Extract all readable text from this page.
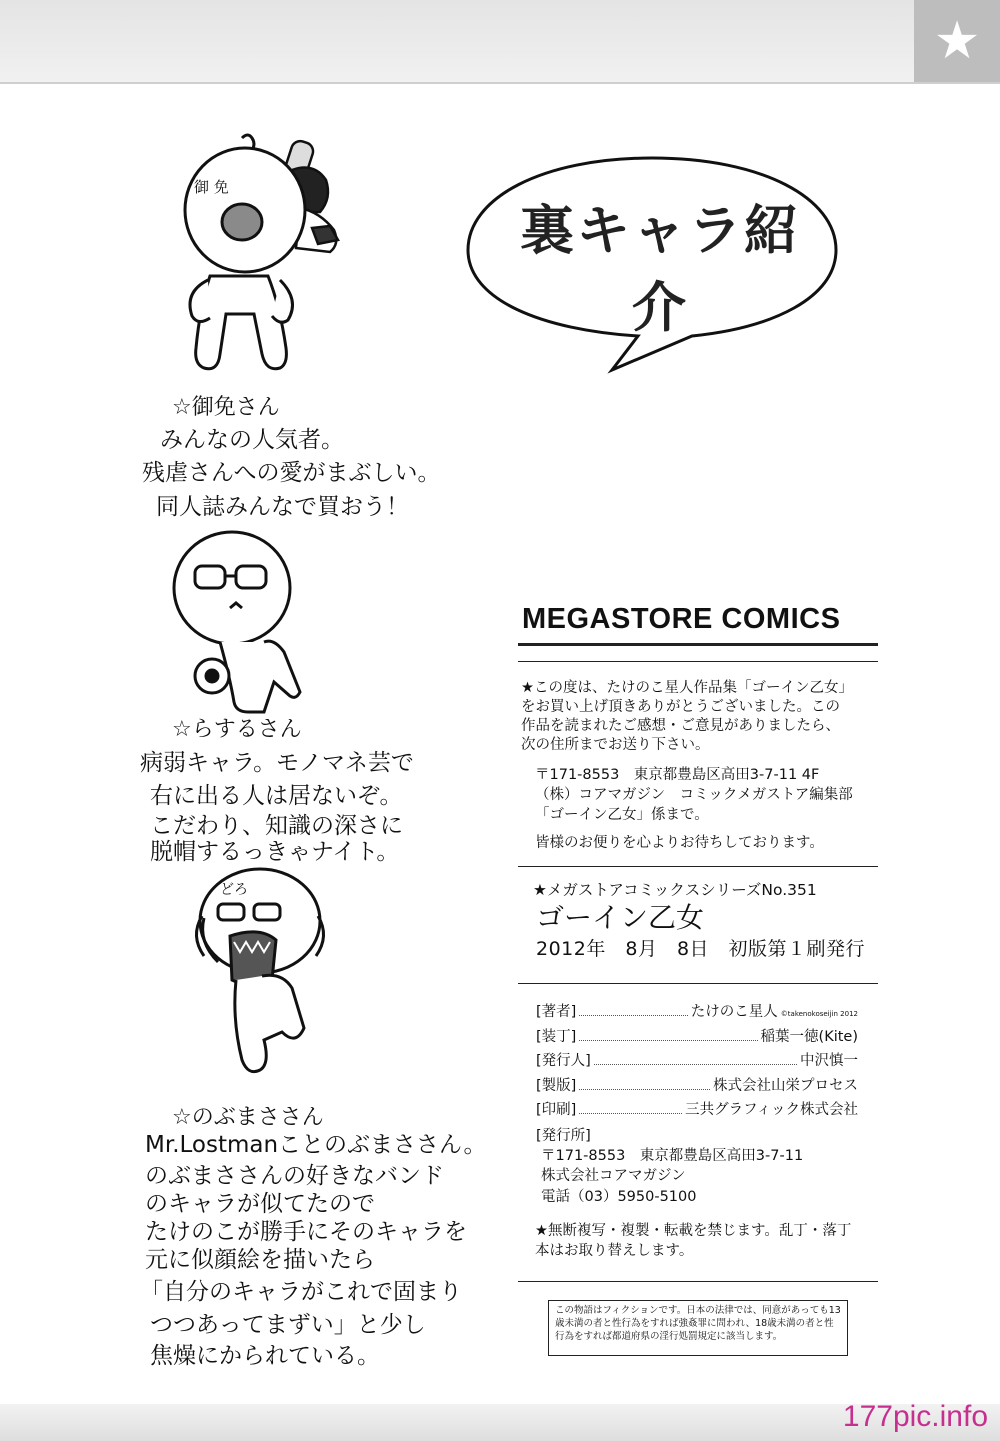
★
御 免
☆御免さん
みんなの人気者。
残虐さんへの愛がまぶしい。
同人誌みんなで買おう！
☆らするさん
病弱キャラ。モノマネ芸で
右に出る人は居ないぞ。
こだわり、知識の深さに
脱帽するっきゃナイト。
どろ
☆のぶまささん
Mr.Lostmanことのぶまささん。
のぶまささんの好きなバンド
のキャラが似てたので
たけのこが勝手にそのキャラを
元に似顔絵を描いたら
「自分のキャラがこれで固まり
つつあってまずい」と少し
焦燥にかられている。
裏キャラ紹介
MEGASTORE COMICS
★この度は、たけのこ星人作品集「ゴーイン乙女」
をお買い上げ頂きありがとうございました。この
作品を読まれたご感想・ご意見がありましたら、
次の住所までお送り下さい。
〒171-8553　東京都豊島区高田3-7-11 4F
（株）コアマガジン　コミックメガストア編集部
「ゴーイン乙女」係まで。
皆様のお便りを心よりお待ちしております。
★メガストアコミックスシリーズNo.351
ゴーイン乙女
2012年　8月　8日　初版第１刷発行
[著者]	たけのこ星人 ©takenokoseijin 2012
[装丁]	稲葉一徳(Kite)
[発行人]	中沢慎一
[製版]	株式会社山栄プロセス
[印刷]	三共グラフィック株式会社
[発行所]
〒171-8553　東京都豊島区高田3-7-11
株式会社コアマガジン
電話（03）5950-5100
★無断複写・複製・転載を禁じます。乱丁・落丁
本はお取り替えします。
この物語はフィクションです。日本の法律では、同意があっても13歳未満の者と性行為をすれば強姦罪に問われ、18歳未満の者と性行為をすれば都道府県の淫行処罰規定に該当します。
177pic.info
